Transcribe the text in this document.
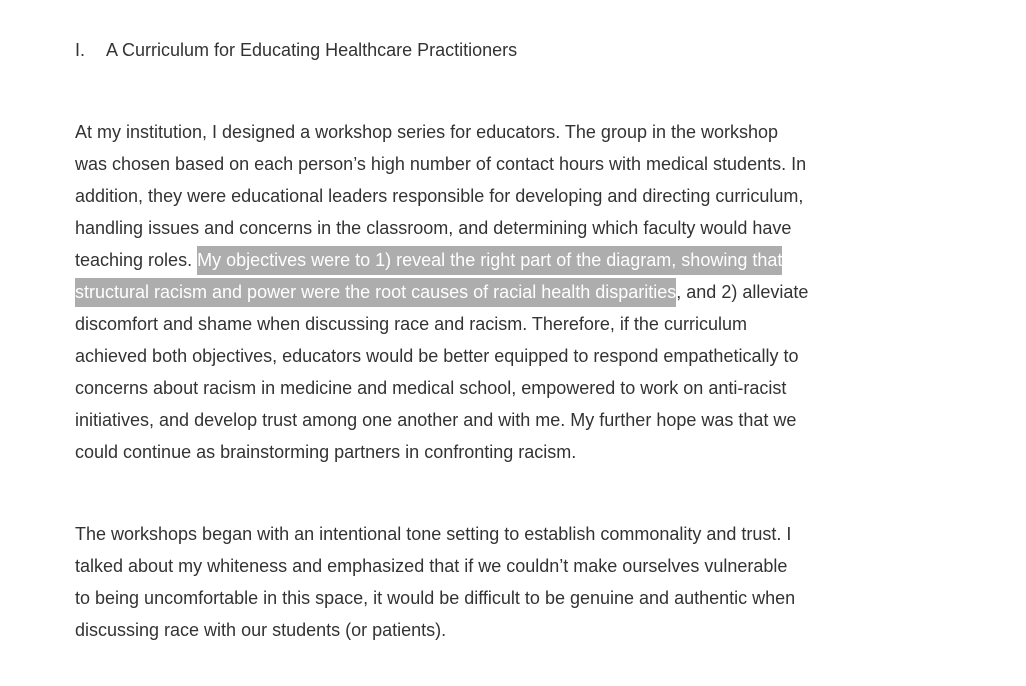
I. A Curriculum for Educating Healthcare Practitioners
At my institution, I designed a workshop series for educators. The group in the workshop
was chosen based on each person’s high number of contact hours with medical students. In
addition, they were educational leaders responsible for developing and directing curriculum,
handling issues and concerns in the classroom, and determining which faculty would have
teaching roles. My objectives were to 1) reveal the right part of the diagram, showing that
structural racism and power were the root causes of racial health disparities, and 2) alleviate
discomfort and shame when discussing race and racism. Therefore, if the curriculum
achieved both objectives, educators would be better equipped to respond empathetically to
concerns about racism in medicine and medical school, empowered to work on anti-racist
initiatives, and develop trust among one another and with me. My further hope was that we
could continue as brainstorming partners in confronting racism.
The workshops began with an intentional tone setting to establish commonality and trust. I
talked about my whiteness and emphasized that if we couldn’t make ourselves vulnerable
to being uncomfortable in this space, it would be difficult to be genuine and authentic when
discussing race with our students (or patients).
